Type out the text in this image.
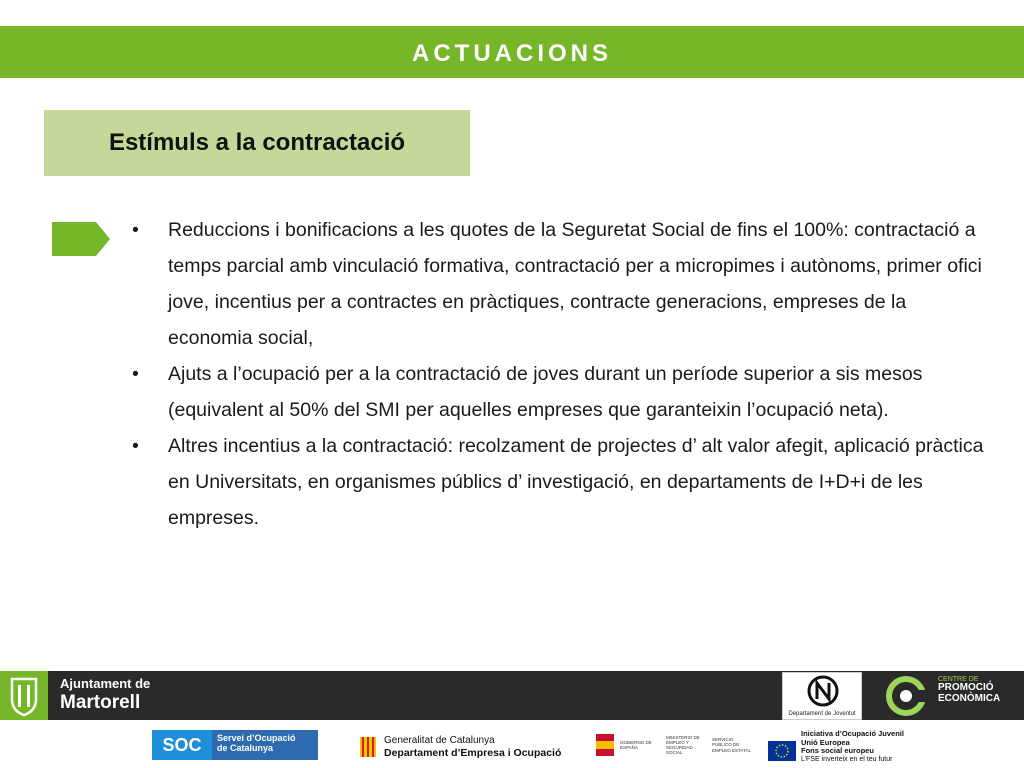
ACTUACIONS
Estímuls a la contractació
• Reduccions i bonificacions a les quotes de la Seguretat Social de fins el 100%: contractació a temps parcial amb vinculació formativa, contractació per a micropimes i autònoms, primer ofici jove, incentius per a contractes en pràctiques, contracte generacions, empreses de la economia social,
• Ajuts a l’ocupació per a la contractació de joves durant un període superior a sis mesos (equivalent al 50% del SMI per aquelles empreses que garanteixin l’ocupació neta).
• Altres incentius a la contractació: recolzament de projectes d’ alt valor afegit, aplicació pràctica en Universitats, en organismes públics d’ investigació, en departaments de I+D+i de les empreses.
Ajuntament de
Martorell
Departament de Joventut
CENTRE DE
PROMOCIÓ
ECONÒMICA
SOC	Servei d’Ocupació
de Catalunya
Generalitat de Catalunya
Departament d’Empresa i Ocupació
GOBIERNO DE ESPAÑA
MINISTERIO DE EMPLEO Y SEGURIDAD SOCIAL
SERVICIO PÚBLICO DE EMPLEO ESTATAL
Iniciativa d’Ocupació Juvenil
Unió Europea
Fons social europeu
L’FSE inverteix en el teu futur
